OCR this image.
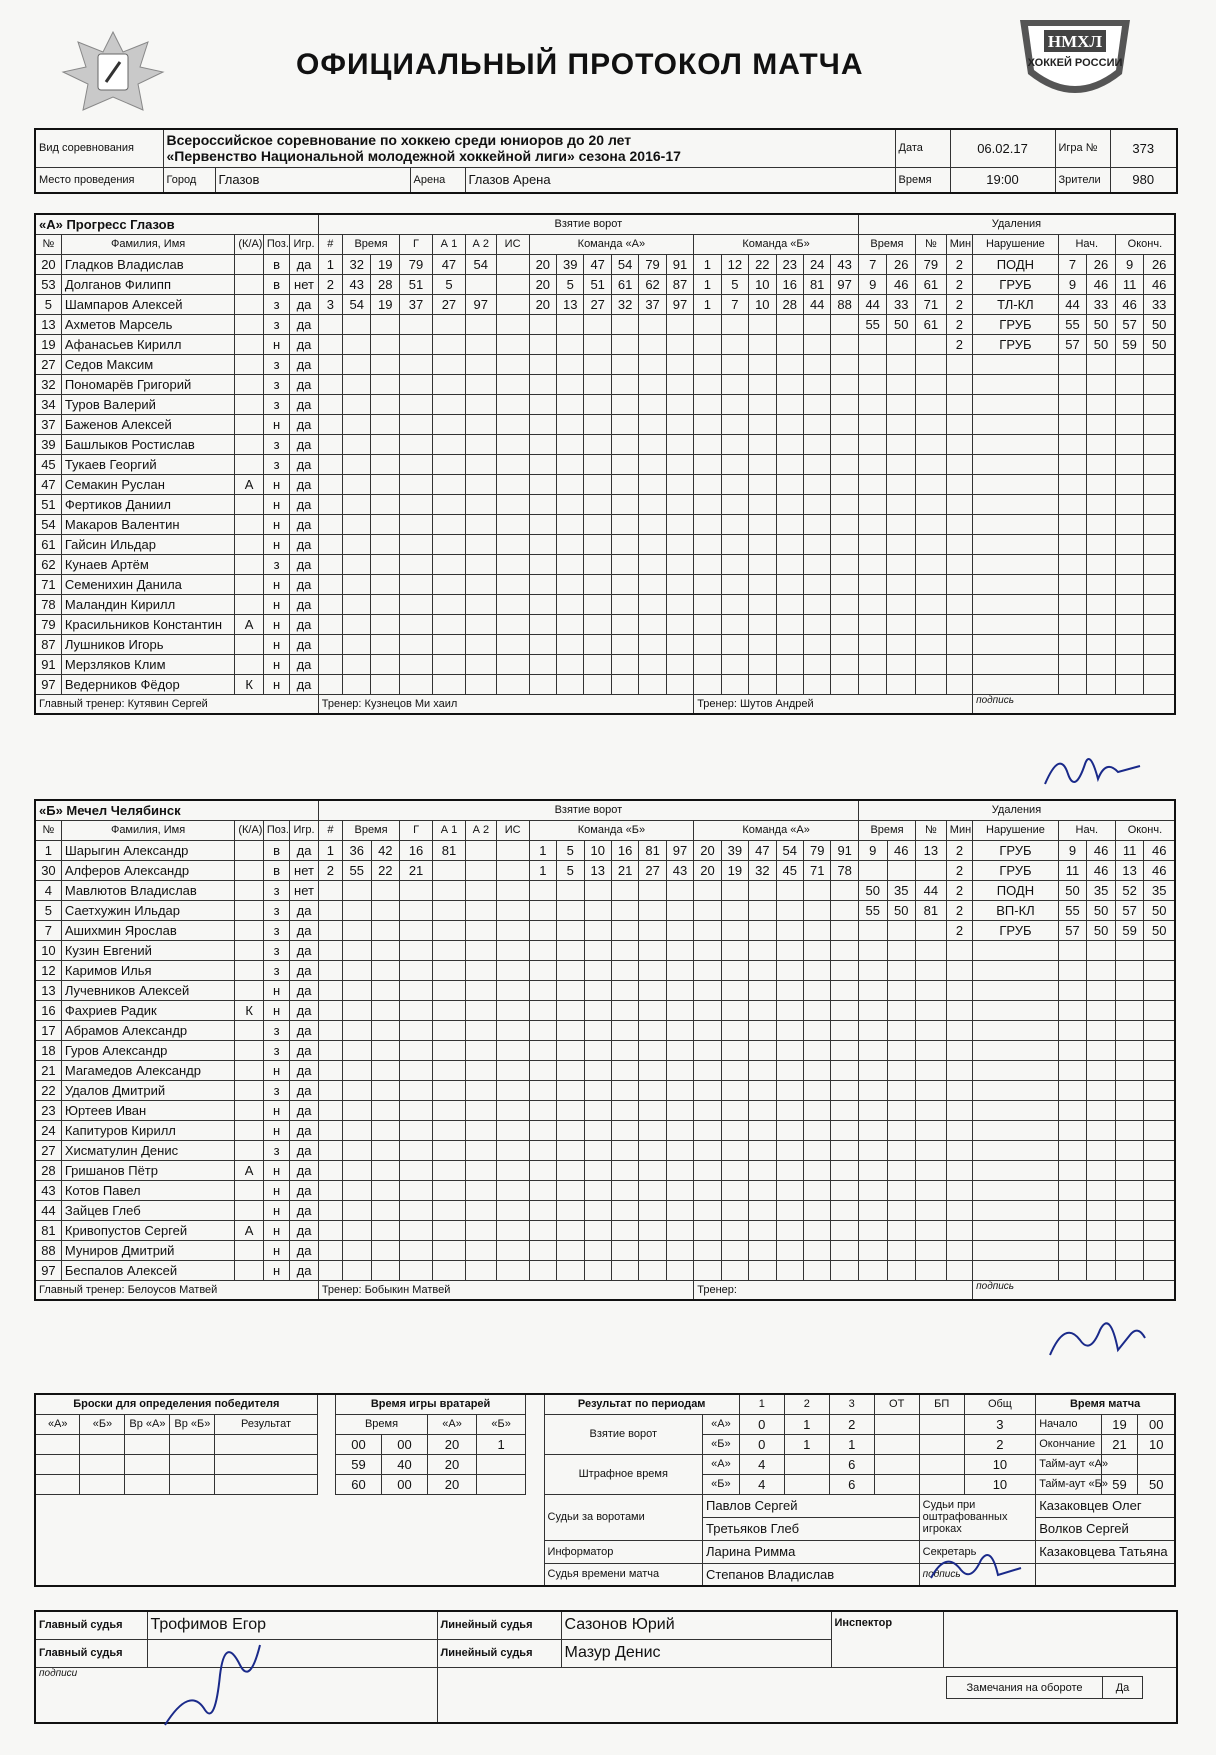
ОФИЦИАЛЬНЫЙ ПРОТОКОЛ МАТЧА
НМХЛ
ХОККЕЙ РОССИИ
Вид соревнования	Всероссийское соревнование по хоккею среди юниоров до 20 лет
«Первенство Национальной молодежной хоккейной лиги» сезона 2016-17				Дата	06.02.17	Игра №	373
Место проведения	Город	Глазов	Арена	Глазов Арена	Время	19:00	Зрители	980
«А» Прогресс Глазов					Взятие ворот																			Удаления								
№	Фамилия, Имя	(К/А)	Поз.	Игр.	#	Время		Г	А 1	А 2	ИС	Команда «А»						Команда «Б»						Время		№	Мин	Нарушение	Нач.		Оконч.	
20	Гладков Владислав		в	да	1	32	19	79	47	54		20	39	47	54	79	91	1	12	22	23	24	43	7	26	79	2	ПОДН	7	26	9	26
53	Долганов Филипп		в	нет	2	43	28	51	5			20	5	51	61	62	87	1	5	10	16	81	97	9	46	61	2	ГРУБ	9	46	11	46
5	Шампаров Алексей		з	да	3	54	19	37	27	97		20	13	27	32	37	97	1	7	10	28	44	88	44	33	71	2	ТЛ-КЛ	44	33	46	33
13	Ахметов Марсель		з	да																				55	50	61	2	ГРУБ	55	50	57	50
19	Афанасьев Кирилл		н	да																							2	ГРУБ	57	50	59	50
27	Седов Максим		з	да																												
32	Пономарёв Григорий		з	да																												
34	Туров Валерий		з	да																												
37	Баженов Алексей		н	да																												
39	Башлыков Ростислав		з	да																												
45	Тукаев Георгий		з	да																												
47	Семакин Руслан	А	н	да																												
51	Фертиков Даниил		н	да																												
54	Макаров Валентин		н	да																												
61	Гайсин Ильдар		н	да																												
62	Кунаев Артём		з	да																												
71	Семенихин Данила		н	да																												
78	Маландин Кирилл		н	да																												
79	Красильников Константин	А	н	да																												
87	Лушников Игорь		н	да																												
91	Мерзляков Клим		н	да																												
97	Ведерников Фёдор	К	н	да																												
Главный тренер: Кутявин Сергей					Тренер: Кузнецов Ми хаил													Тренер: Шутов Андрей										подпись				
«Б» Мечел Челябинск					Взятие ворот																			Удаления								
№	Фамилия, Имя	(К/А)	Поз.	Игр.	#	Время		Г	А 1	А 2	ИС	Команда «Б»						Команда «А»						Время		№	Мин	Нарушение	Нач.		Оконч.	
1	Шарыгин Александр		в	да	1	36	42	16	81			1	5	10	16	81	97	20	39	47	54	79	91	9	46	13	2	ГРУБ	9	46	11	46
30	Алферов Александр		в	нет	2	55	22	21				1	5	13	21	27	43	20	19	32	45	71	78				2	ГРУБ	11	46	13	46
4	Мавлютов Владислав		з	нет																				50	35	44	2	ПОДН	50	35	52	35
5	Саетхужин Ильдар		з	да																				55	50	81	2	ВП-КЛ	55	50	57	50
7	Ашихмин Ярослав		з	да																							2	ГРУБ	57	50	59	50
10	Кузин Евгений		з	да																												
12	Каримов Илья		з	да																												
13	Лучевников Алексей		н	да																												
16	Фахриев Радик	К	н	да																												
17	Абрамов Александр		з	да																												
18	Гуров Александр		з	да																												
21	Магамедов Александр		н	да																												
22	Удалов Дмитрий		з	да																												
23	Юртеев Иван		н	да																												
24	Капитуров Кирилл		н	да																												
27	Хисматулин Денис		з	да																												
28	Гришанов Пётр	А	н	да																												
43	Котов Павел		н	да																												
44	Зайцев Глеб		н	да																												
81	Кривопустов Сергей	А	н	да																												
88	Муниров Дмитрий		н	да																												
97	Беспалов Алексей		н	да																												
Главный тренер: Белоусов Матвей					Тренер: Бобыкин Матвей													Тренер:										подпись				
Броски для определения победителя						Время игры вратарей					Результат по периодам		1	2	3	ОТ	БП	Общ	Время матча		
«А»	«Б»	Вр «А»	Вр «Б»	Результат		Время		«А»	«Б»		Взятие ворот	«А»	0	1	2			3	Начало	19	00
						00	00	20	1			«Б»	0	1	1			2	Окончание	21	10
						59	40	20			Штрафное время	«А»	4		6			10	Тайм-аут «А»		
						60	00	20				«Б»	4		6			10	Тайм-аут «Б»	59	50
											Судьи за воротами	Павлов Сергей					Судьи при оштрафованных игроках		Казаковцев Олег		
												Третьяков Глеб							Волков Сергей		
											Информатор	Ларина Римма					Секретарь		Казаковцева Татьяна		
											Судья времени матча	Степанов Владислав					подпись				
Главный судья	Трофимов Егор	Линейный судья	Сазонов Юрий	Инспектор	
Главный судья		Линейный судья	Мазур Денис		
подписи					
Замечания на обороте	Да
